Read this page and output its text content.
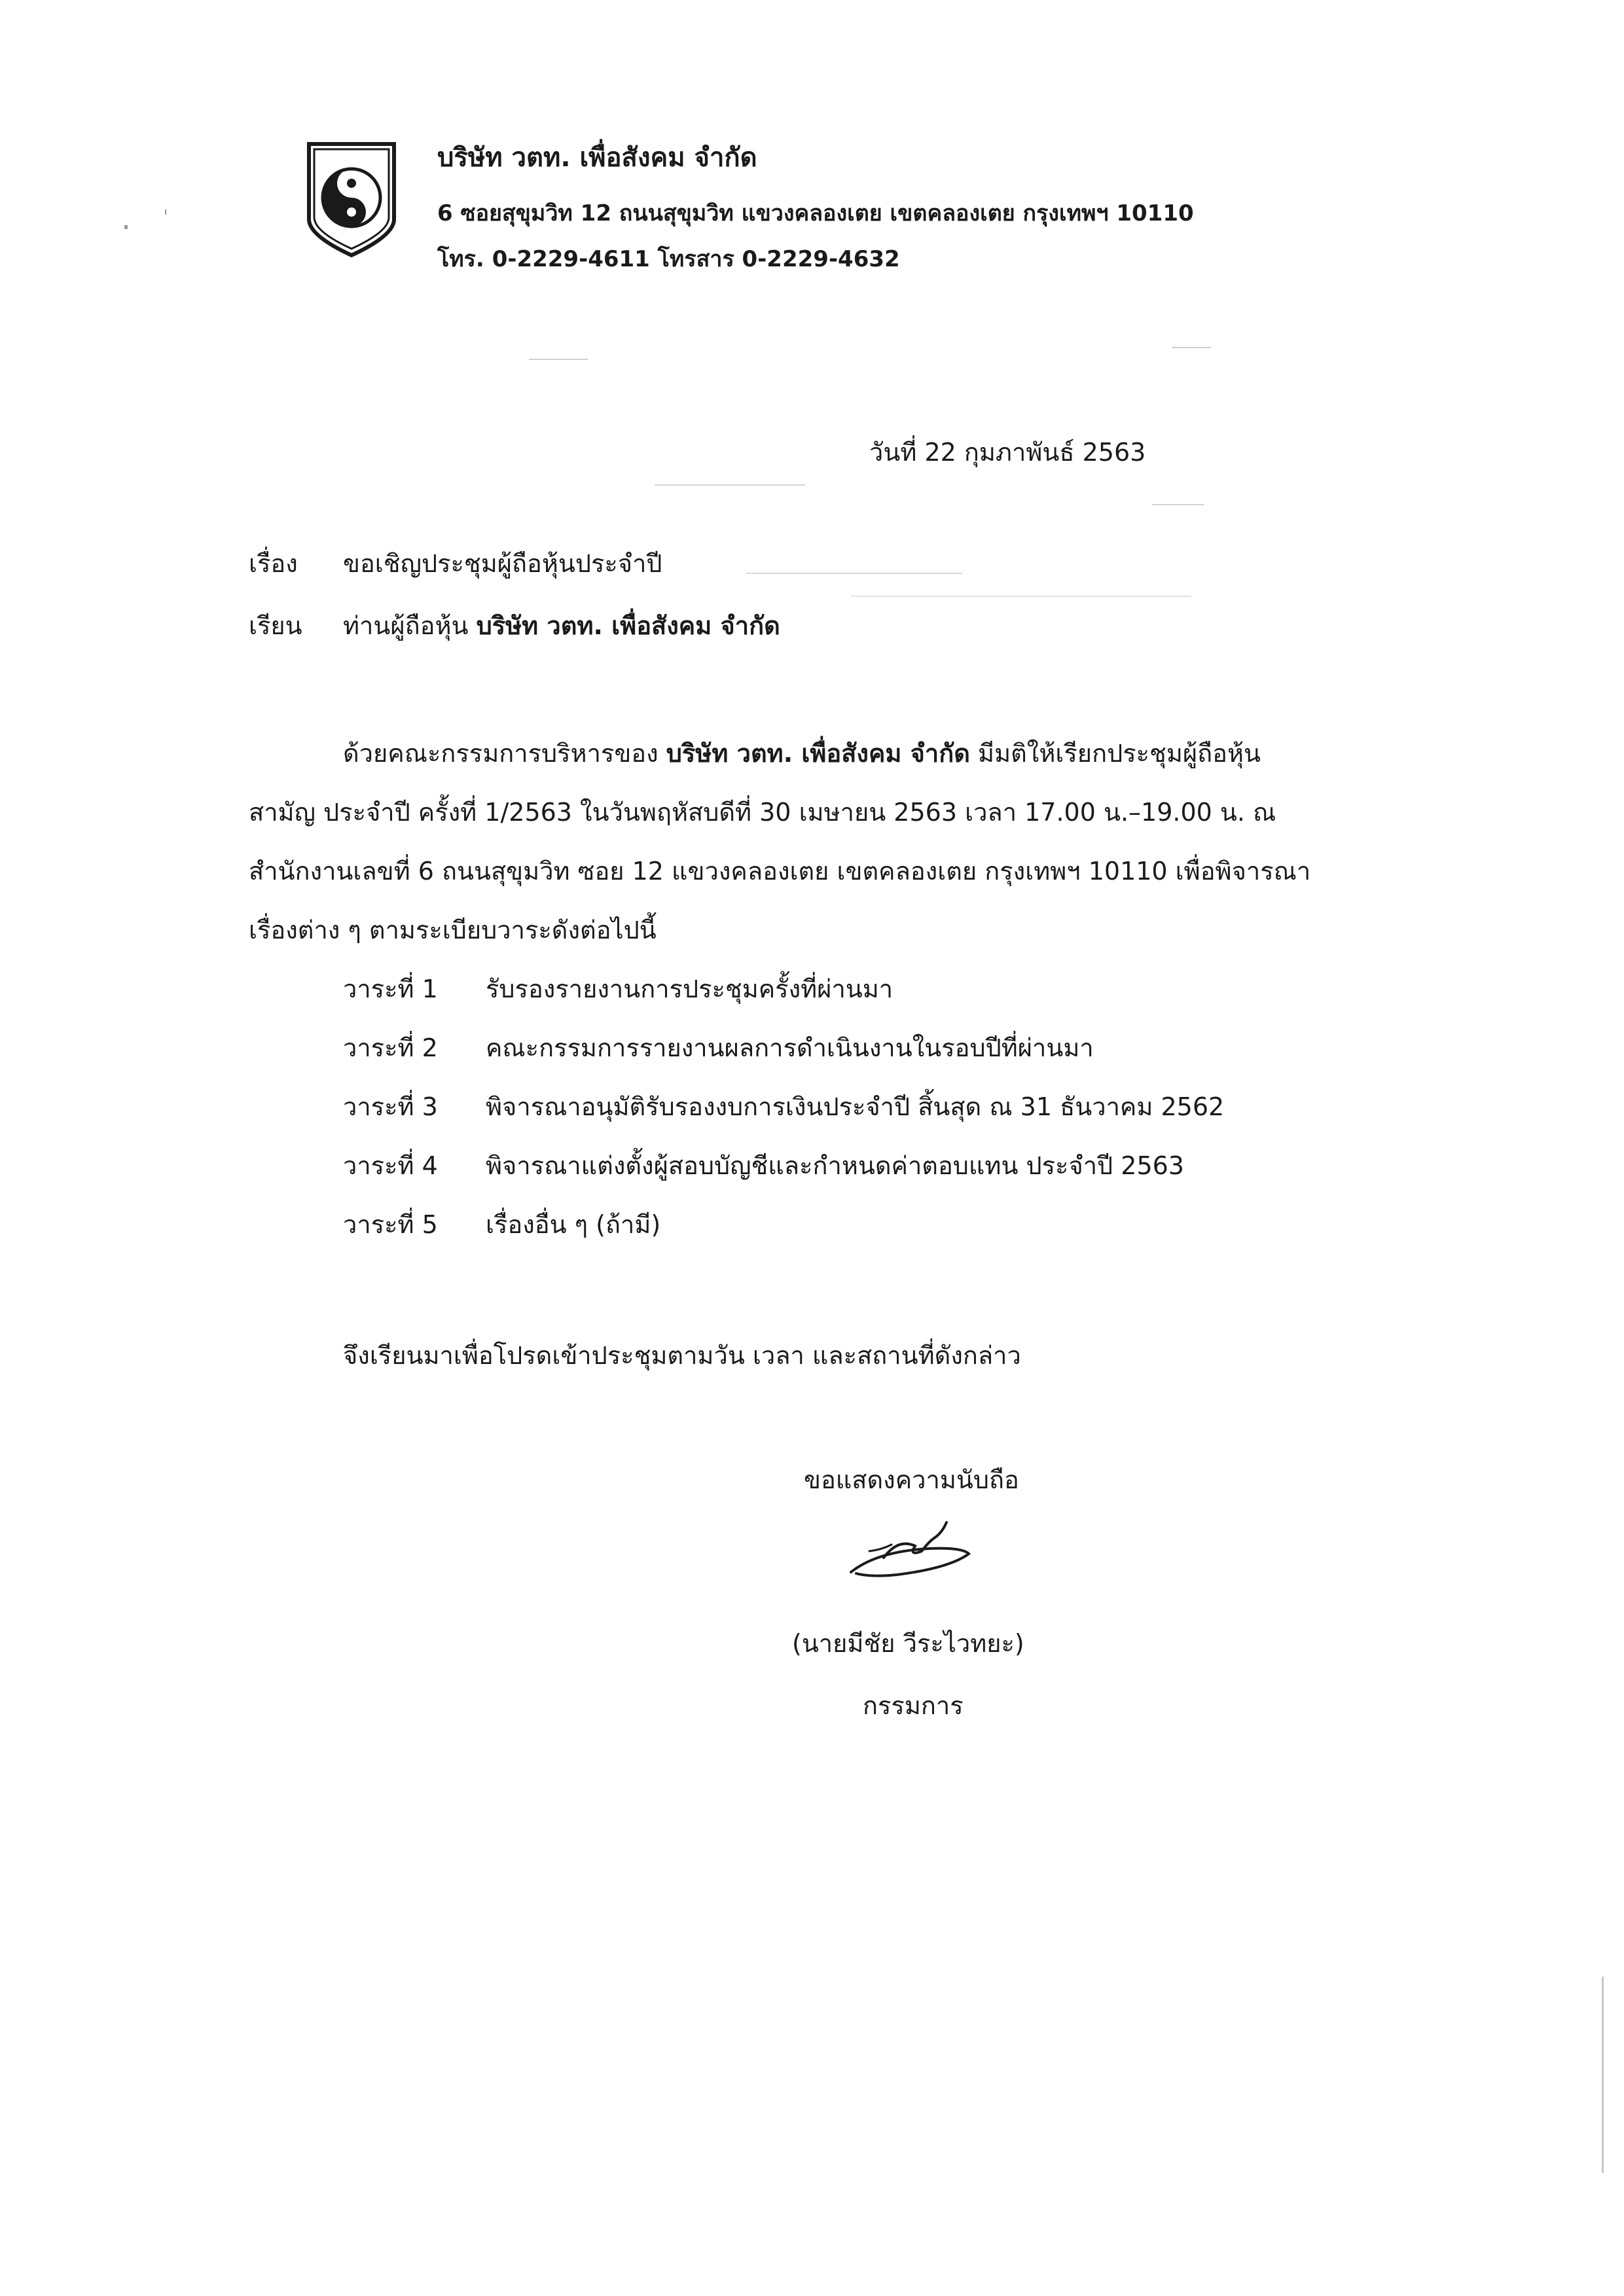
บริษัท วตท. เพื่อสังคม จำกัด
6 ซอยสุขุมวิท 12 ถนนสุขุมวิท แขวงคลองเตย เขตคลองเตย กรุงเทพฯ 10110
โทร. 0-2229-4611 โทรสาร 0-2229-4632
วันที่ 22 กุมภาพันธ์ 2563
เรื่อง ขอเชิญประชุมผู้ถือหุ้นประจำปี
เรียน ท่านผู้ถือหุ้น บริษัท วตท. เพื่อสังคม จำกัด
ด้วยคณะกรรมการบริหารของ บริษัท วตท. เพื่อสังคม จำกัด มีมติให้เรียกประชุมผู้ถือหุ้น
สามัญ ประจำปี ครั้งที่ 1/2563 ในวันพฤหัสบดีที่ 30 เมษายน 2563 เวลา 17.00 น.–19.00 น. ณ
สำนักงานเลขที่ 6 ถนนสุขุมวิท ซอย 12 แขวงคลองเตย เขตคลองเตย กรุงเทพฯ 10110 เพื่อพิจารณา
เรื่องต่าง ๆ ตามระเบียบวาระดังต่อไปนี้
วาระที่ 1 รับรองรายงานการประชุมครั้งที่ผ่านมา
วาระที่ 2 คณะกรรมการรายงานผลการดำเนินงานในรอบปีที่ผ่านมา
วาระที่ 3 พิจารณาอนุมัติรับรองงบการเงินประจำปี สิ้นสุด ณ 31 ธันวาคม 2562
วาระที่ 4 พิจารณาแต่งตั้งผู้สอบบัญชีและกำหนดค่าตอบแทน ประจำปี 2563
วาระที่ 5 เรื่องอื่น ๆ (ถ้ามี)
จึงเรียนมาเพื่อโปรดเข้าประชุมตามวัน เวลา และสถานที่ดังกล่าว
ขอแสดงความนับถือ
(นายมีชัย วีระไวทยะ)
กรรมการ
